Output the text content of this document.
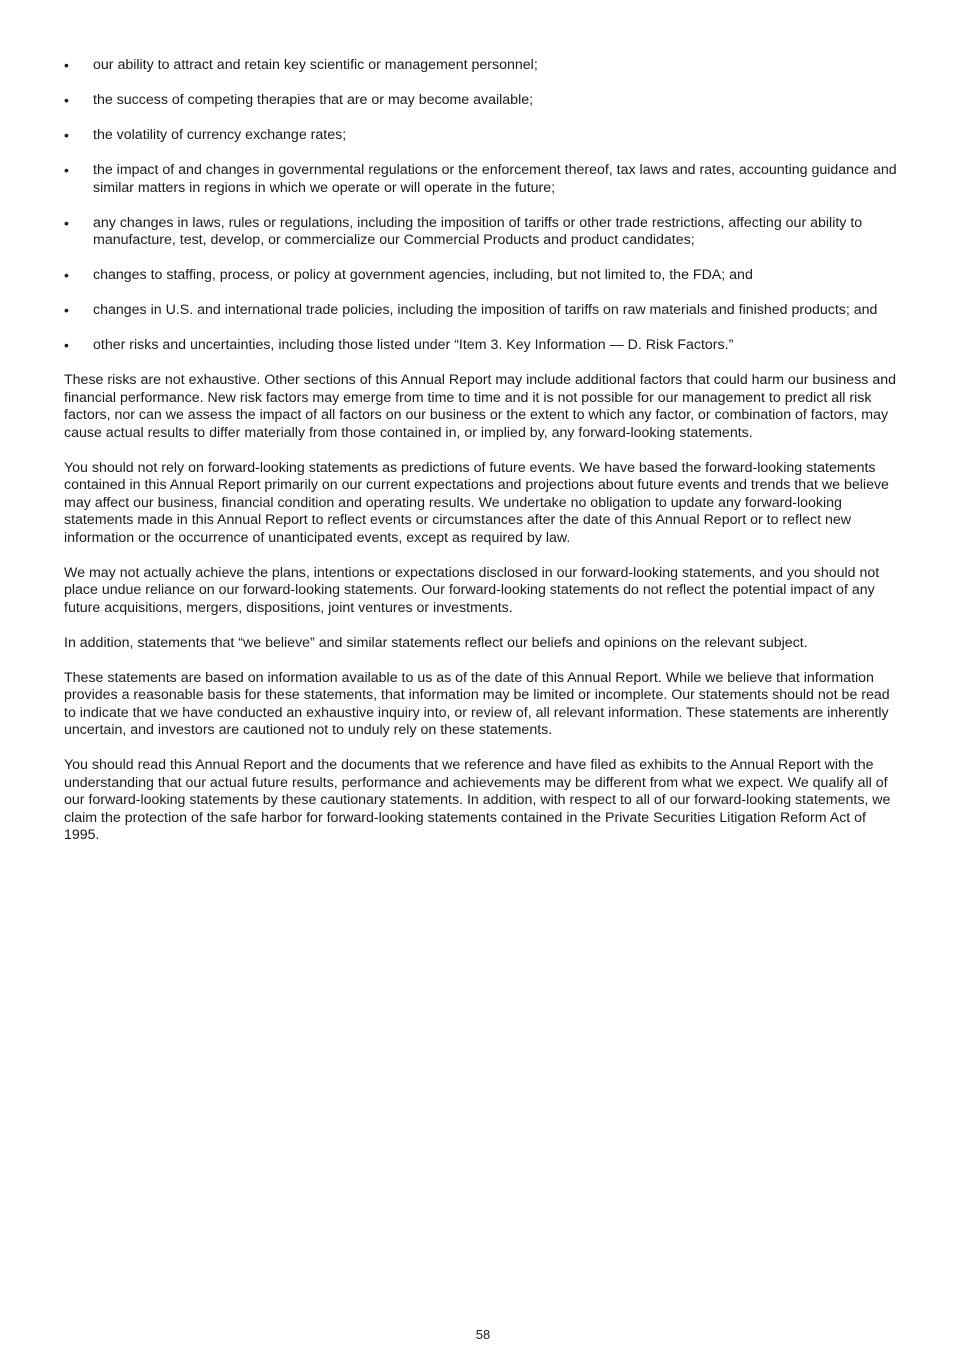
•	our ability to attract and retain key scientific or management personnel;
•	the success of competing therapies that are or may become available;
•	the volatility of currency exchange rates;
•	the impact of and changes in governmental regulations or the enforcement thereof, tax laws and rates, accounting guidance and similar matters in regions in which we operate or will operate in the future;
•	any changes in laws, rules or regulations, including the imposition of tariffs or other trade restrictions, affecting our ability to manufacture, test, develop, or commercialize our Commercial Products and product candidates;
•	changes to staffing, process, or policy at government agencies, including, but not limited to, the FDA; and
•	changes in U.S. and international trade policies, including the imposition of tariffs on raw materials and finished products; and
•	other risks and uncertainties, including those listed under “Item 3. Key Information — D. Risk Factors.”

These risks are not exhaustive. Other sections of this Annual Report may include additional factors that could harm our business and financial performance. New risk factors may emerge from time to time and it is not possible for our management to predict all risk factors, nor can we assess the impact of all factors on our business or the extent to which any factor, or combination of factors, may cause actual results to differ materially from those contained in, or implied by, any forward-looking statements.

You should not rely on forward-looking statements as predictions of future events. We have based the forward-looking statements contained in this Annual Report primarily on our current expectations and projections about future events and trends that we believe may affect our business, financial condition and operating results. We undertake no obligation to update any forward-looking statements made in this Annual Report to reflect events or circumstances after the date of this Annual Report or to reflect new information or the occurrence of unanticipated events, except as required by law.

We may not actually achieve the plans, intentions or expectations disclosed in our forward-looking statements, and you should not place undue reliance on our forward-looking statements. Our forward-looking statements do not reflect the potential impact of any future acquisitions, mergers, dispositions, joint ventures or investments.

In addition, statements that “we believe” and similar statements reflect our beliefs and opinions on the relevant subject.

These statements are based on information available to us as of the date of this Annual Report. While we believe that information provides a reasonable basis for these statements, that information may be limited or incomplete. Our statements should not be read to indicate that we have conducted an exhaustive inquiry into, or review of, all relevant information. These statements are inherently uncertain, and investors are cautioned not to unduly rely on these statements.

You should read this Annual Report and the documents that we reference and have filed as exhibits to the Annual Report with the understanding that our actual future results, performance and achievements may be different from what we expect. We qualify all of our forward-looking statements by these cautionary statements. In addition, with respect to all of our forward-looking statements, we claim the protection of the safe harbor for forward-looking statements contained in the Private Securities Litigation Reform Act of 1995.

58
